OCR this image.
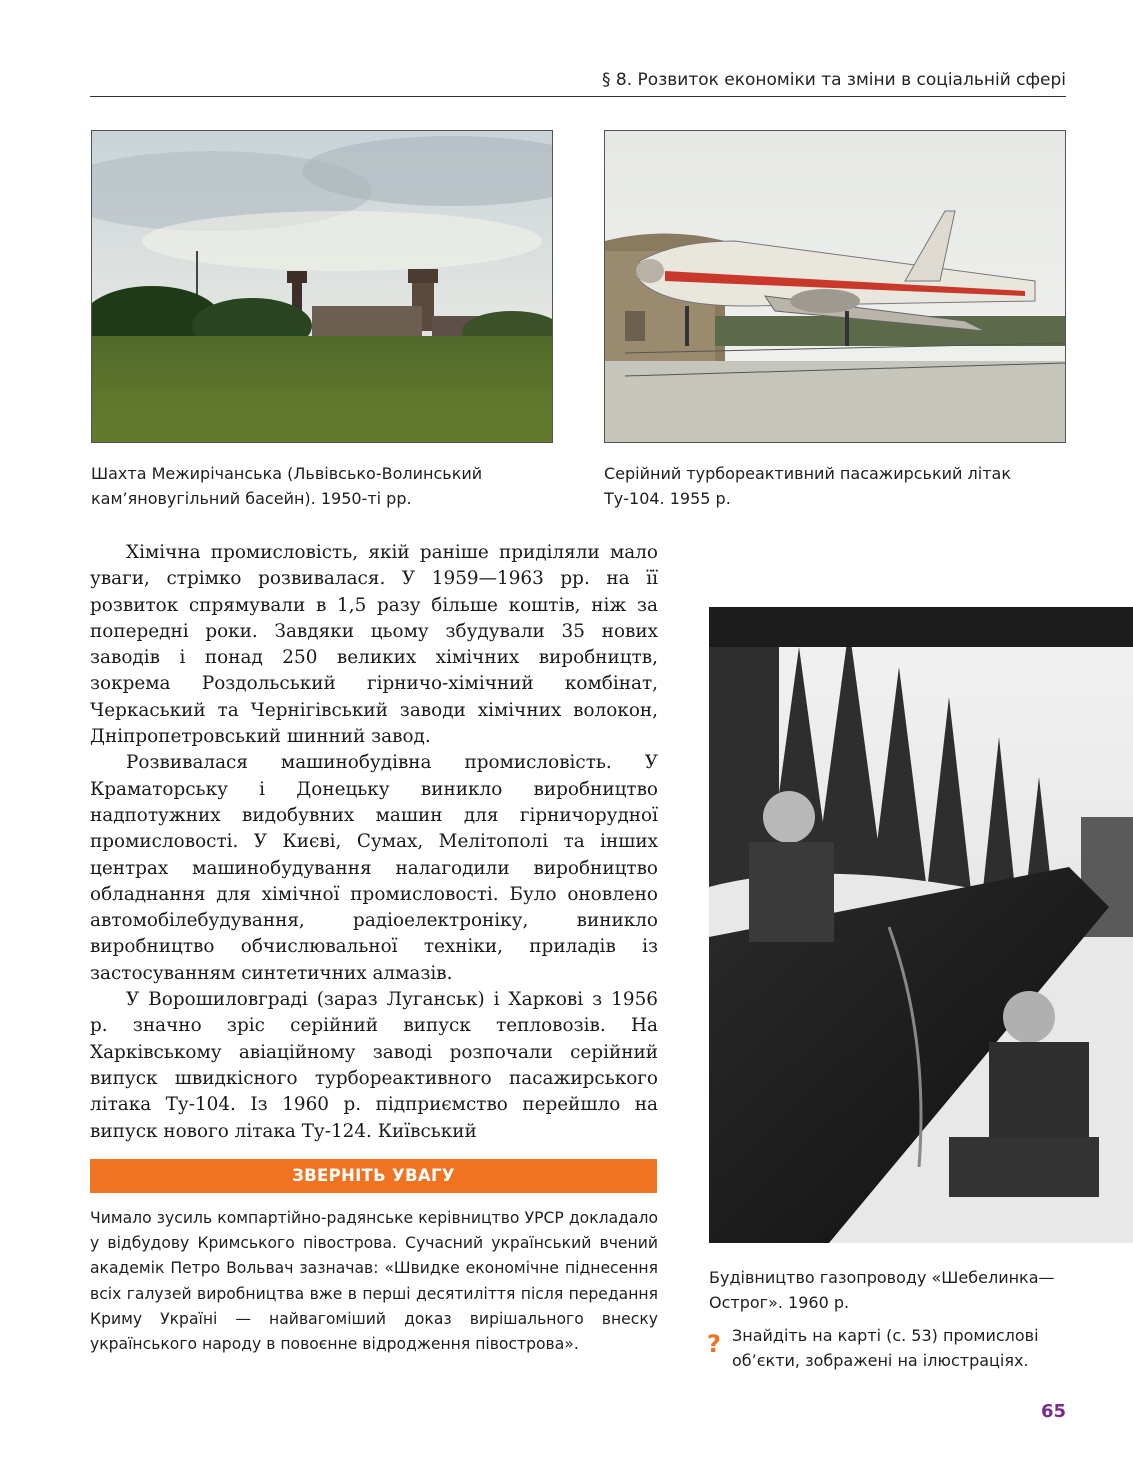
§ 8. Розвиток економіки та зміни в соціальній сфері

Шахта Межирічанська (Львівсько-Волинський

кам’яновугільний басейн). 1950-ті рр.

Серійний турбореактивний пасажирський літак

Ту-104. 1955 р.

Хімічна промисловість, якій раніше приділяли мало уваги, стрімко розвивалася. У 1959—1963 рр. на її розвиток спрямували в 1,5 разу більше коштів, ніж за попередні роки. Завдяки цьому збудували 35 нових заводів і понад 250 великих хімічних виробництв, зокрема Роздольський гірничо-хімічний комбінат, Черкаський та Чернігівський заводи хімічних волокон, Дніпропетровський шинний завод.

Розвивалася машинобудівна промисловість. У Краматорську і Донецьку виникло виробництво надпотужних видобувних машин для гірничорудної промисловості. У Києві, Сумах, Мелітополі та інших центрах машинобудування налагодили виробництво обладнання для хімічної промисловості. Було оновлено автомобілебудування, радіоелектроніку, виникло виробництво обчислювальної техніки, приладів із застосуванням синтетичних алмазів.

У Ворошиловграді (зараз Луганськ) і Харкові з 1956 р. значно зріс серійний випуск тепловозів. На Харківському авіаційному заводі розпочали серійний випуск швидкісного турбореактивного пасажирського літака Ту-104. Із 1960 р. підприємство перейшло на випуск нового літака Ту-124. Київський

Будівництво газопроводу «Шебелинка—

Острог». 1960 р.

ЗВЕРНІТЬ УВАГУ

Чимало зусиль компартійно-радянське керівництво УРСР докладало у відбудову Кримського півострова. Сучасний український вчений академік Петро Вольвач зазначав: «Швидке економічне піднесення всіх галузей виробництва вже в перші десятиліття після передання Криму Україні — найвагоміший доказ вирішального внеску українського народу в повоєнне відродження півострова».	? Знайдіть на карті (с. 53) промислові

об’єкти, зображені на ілюстраціях.

65
